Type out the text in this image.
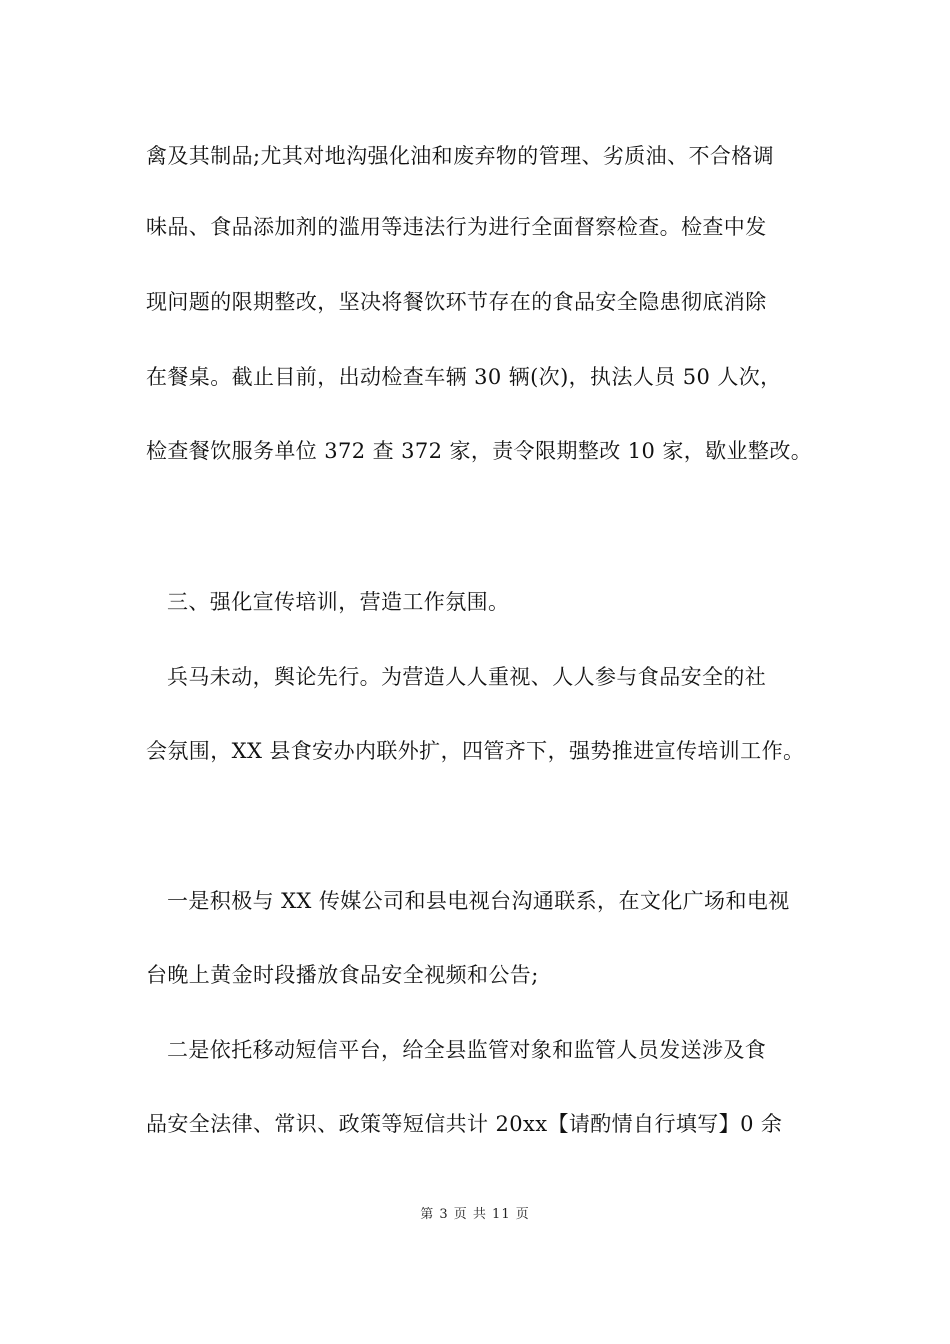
禽及其制品;尤其对地沟强化油和废弃物的管理、劣质油、不合格调
味品、食品添加剂的滥用等违法行为进行全面督察检查。检查中发
现问题的限期整改，坚决将餐饮环节存在的食品安全隐患彻底消除
在餐桌。截止目前，出动检查车辆 30 辆(次)，执法人员 50 人次，
检查餐饮服务单位 372 查 372 家，责令限期整改 10 家，歇业整改。
三、强化宣传培训，营造工作氛围。
兵马未动，舆论先行。为营造人人重视、人人参与食品安全的社
会氛围，XX 县食安办内联外扩，四管齐下，强势推进宣传培训工作。
一是积极与 XX 传媒公司和县电视台沟通联系，在文化广场和电视
台晚上黄金时段播放食品安全视频和公告;
二是依托移动短信平台，给全县监管对象和监管人员发送涉及食
品安全法律、常识、政策等短信共计 20xx【请酌情自行填写】0 余
第 3 页 共 11 页
